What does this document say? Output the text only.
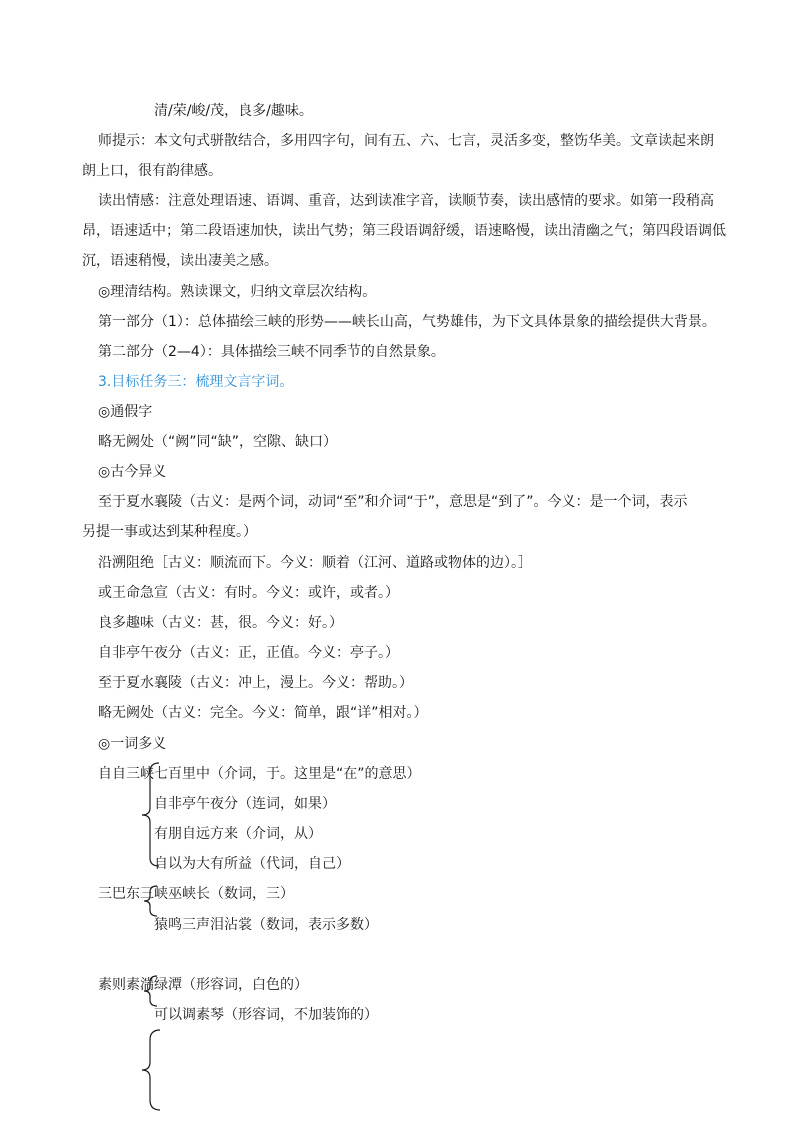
清/荣/峻/茂，良多/趣味。
师提示：本文句式骈散结合，多用四字句，间有五、六、七言，灵活多变，整饬华美。文章读起来朗
朗上口，很有韵律感。
读出情感：注意处理语速、语调、重音，达到读准字音，读顺节奏，读出感情的要求。如第一段稍高
昂，语速适中；第二段语速加快，读出气势；第三段语调舒缓，语速略慢，读出清幽之气；第四段语调低
沉，语速稍慢，读出凄美之感。
◎理清结构。熟读课文，归纳文章层次结构。
第一部分（1）：总体描绘三峡的形势——峡长山高，气势雄伟，为下文具体景象的描绘提供大背景。
第二部分（2—4）：具体描绘三峡不同季节的自然景象。
3.目标任务三：梳理文言字词。
◎通假字
略无阙处（“阙”同“缺”，空隙、缺口）
◎古今异义
至于夏水襄陵（古义：是两个词，动词“至”和介词“于”，意思是“到了”。今义：是一个词，表示
另提一事或达到某种程度。）
沿溯阻绝［古义：顺流而下。今义：顺着（江河、道路或物体的边）。］
或王命急宣（古义：有时。今义：或许，或者。）
良多趣味（古义：甚，很。今义：好。）
自非亭午夜分（古义：正，正值。今义：亭子。）
至于夏水襄陵（古义：冲上，漫上。今义：帮助。）
略无阙处（古义：完全。今义：简单，跟“详”相对。）
◎一词多义
自自三峡七百里中（介词，于。这里是“在”的意思）
自非亭午夜分（连词，如果）
有朋自远方来（介词，从）
自以为大有所益（代词，自己）
三巴东三峡巫峡长（数词，三）
猿鸣三声泪沾裳（数词，表示多数）
素则素湍绿潭（形容词，白色的）
可以调素琴（形容词，不加装饰的）
